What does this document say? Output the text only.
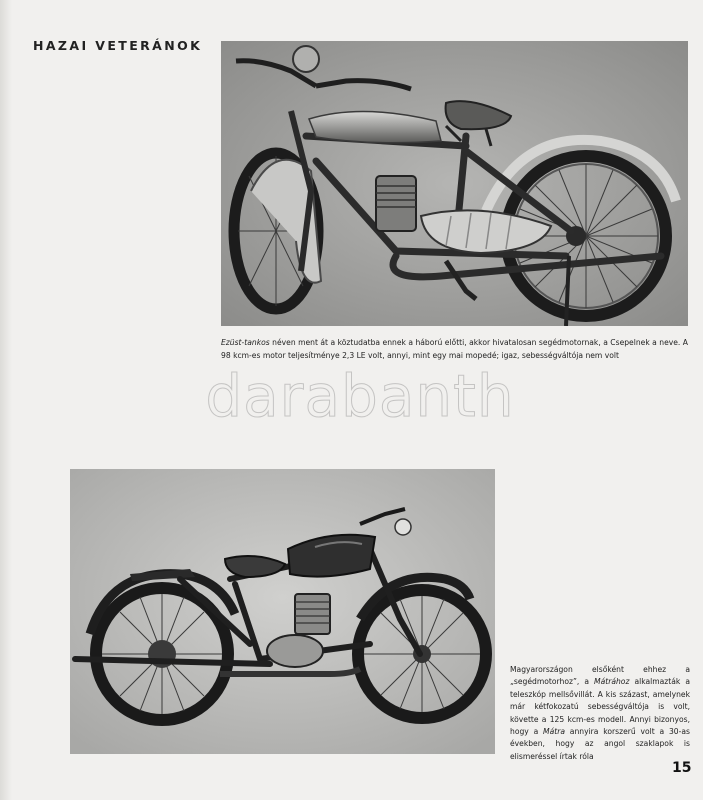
HAZAI VETERÁNOK

Ezüst-tankos néven ment át a köztudatba ennek a háború előtti, akkor hivatalosan segédmotornak, a Csepelnek a neve. A 98 kcm-es motor teljesítménye 2,3 LE volt, annyi, mint egy mai mopedé; igaz, sebességváltója nem volt

darabanth

Magyarországon elsőként ehhez a „segédmotorhoz”, a Mátrához alkalmazták a teleszkóp mellsővillát. A kis százast, amelynek már kétfokozatú sebességváltója is volt, követte a 125 kcm-es modell. Annyi bizonyos, hogy a Mátra annyira korszerű volt a 30-as években, hogy az angol szaklapok is elismeréssel írtak róla

15
